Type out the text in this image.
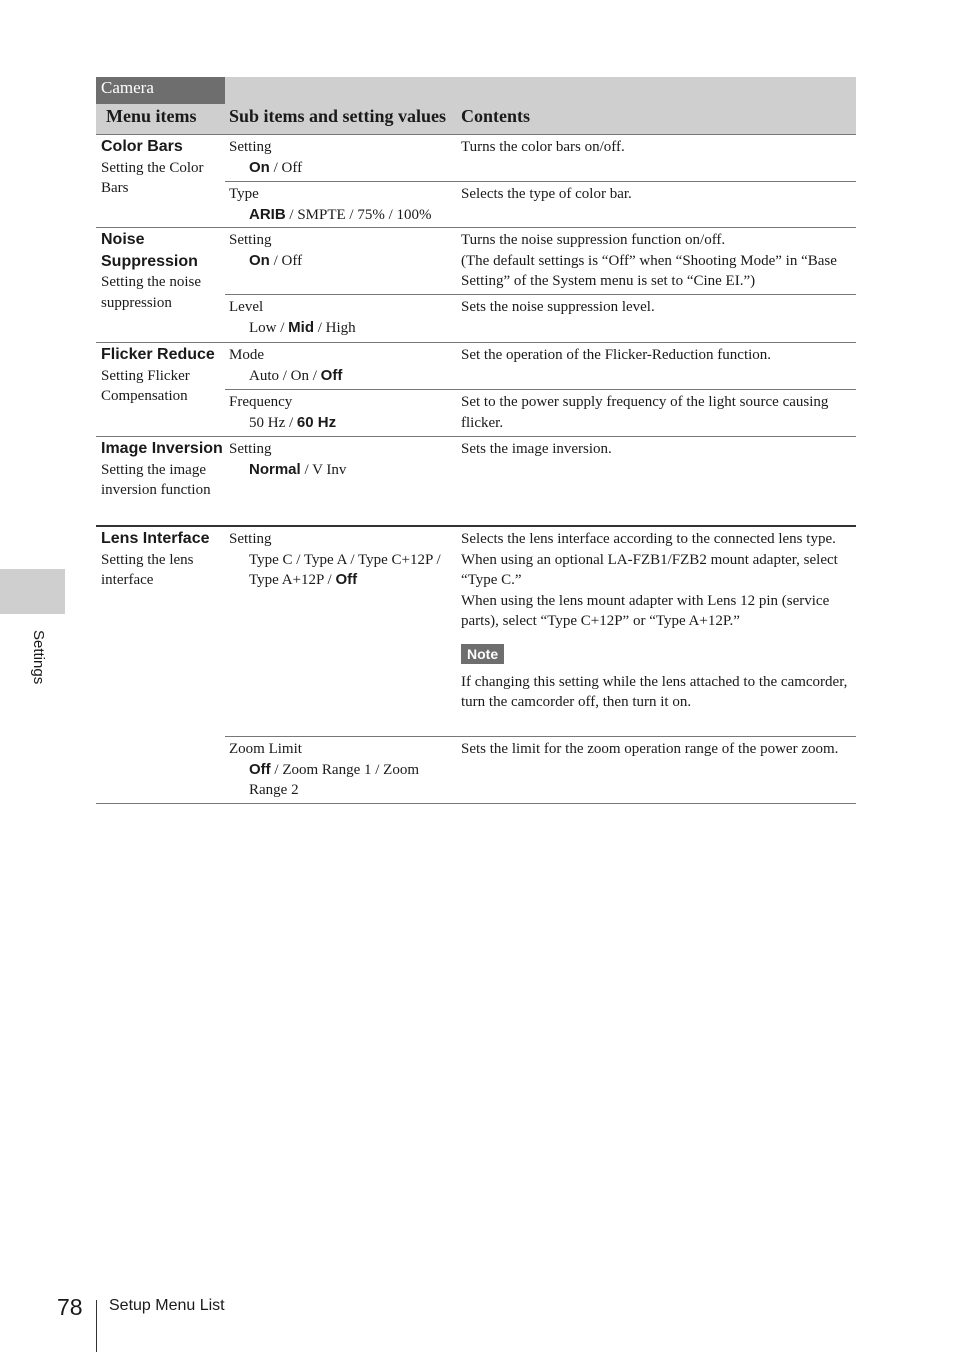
Camera
Menu items Sub items and setting values Contents
Color Bars
Setting the Color Bars
Setting
On / Off

Turns the color bars on/off.

Type
ARIB / SMPTE / 75% / 100%

Selects the type of color bar.

Noise Suppression
Setting the noise suppression
Setting
On / Off

Turns the noise suppression function on/off.

(The default settings is “Off” when “Shooting Mode” in “Base Setting” of the System menu is set to “Cine EI.”)

Level
Low / Mid / High

Sets the noise suppression level.

Flicker Reduce
Setting Flicker Compensation
Mode
Auto / On / Off

Set the operation of the Flicker-Reduction function.

Frequency
50 Hz / 60 Hz

Set to the power supply frequency of the light source causing flicker.

Image Inversion
Setting the image inversion function
Setting
Normal / V Inv

Sets the image inversion.

Lens Interface
Setting the lens interface
Setting
Type C / Type A / Type C+12P / Type A+12P / Off

Selects the lens interface according to the connected lens type.

When using an optional LA-FZB1/FZB2 mount adapter, select “Type C.”

When using the lens mount adapter with Lens 12 pin (service parts), select “Type C+12P” or “Type A+12P.”

Note

If changing this setting while the lens attached to the camcorder, turn the camcorder off, then turn it on.

Zoom Limit
Off / Zoom Range 1 / Zoom Range 2

Sets the limit for the zoom operation range of the power zoom.

Settings
78 Setup Menu List
